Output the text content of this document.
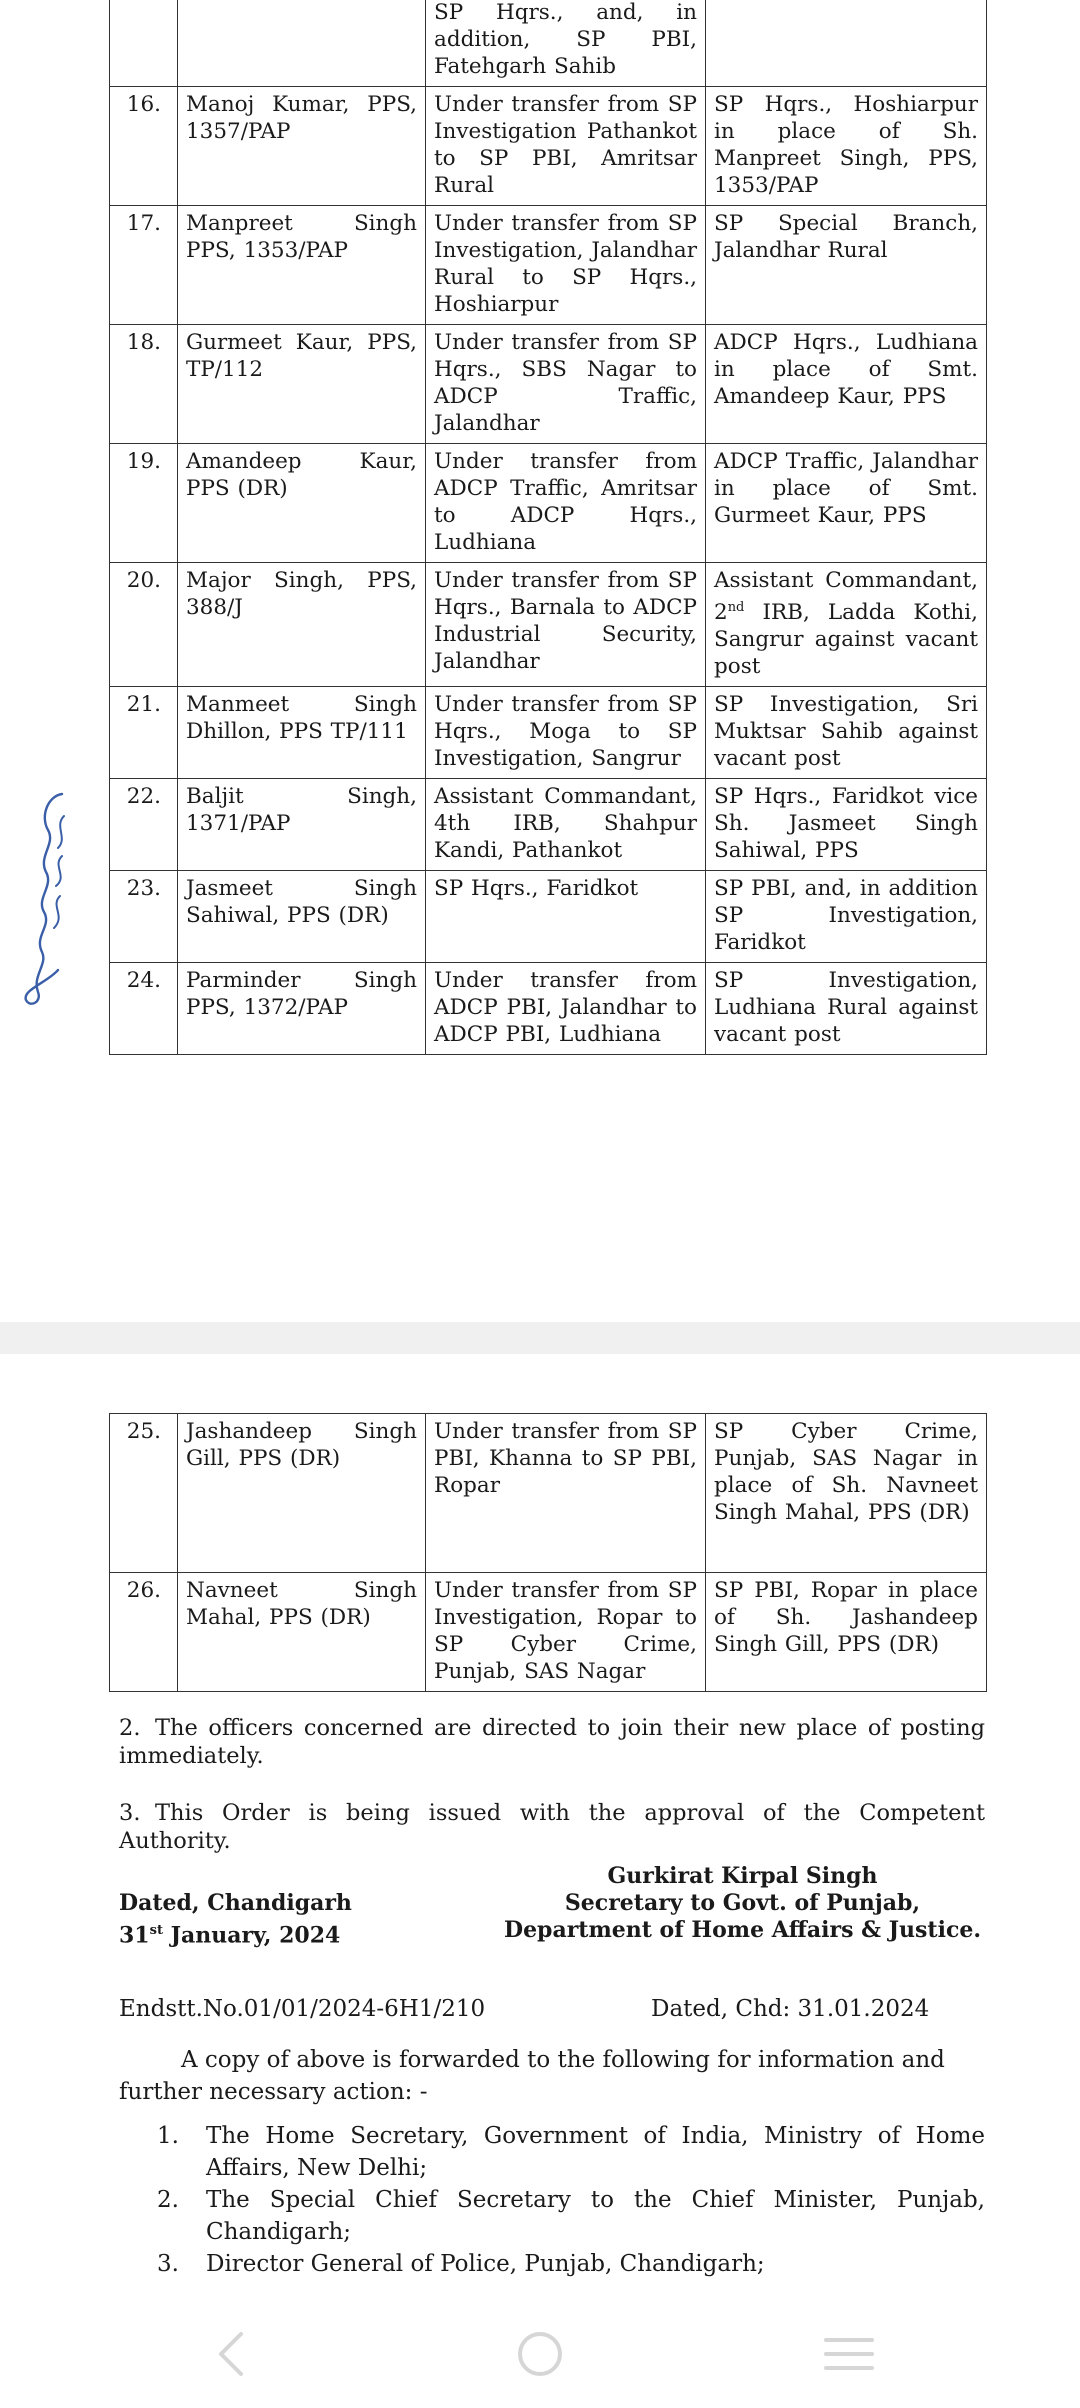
		SP Hqrs., and, in addition, SP PBI, Fatehgarh Sahib	
16.	Manoj Kumar, PPS, 1357/PAP	Under transfer from SP Investigation Pathankot to SP PBI, Amritsar Rural	SP Hqrs., Hoshiarpur in place of Sh. Manpreet Singh, PPS, 1353/PAP
17.	Manpreet Singh PPS, 1353/PAP	Under transfer from SP Investigation, Jalandhar Rural to SP Hqrs., Hoshiarpur	SP Special Branch, Jalandhar Rural
18.	Gurmeet Kaur, PPS, TP/112	Under transfer from SP Hqrs., SBS Nagar to ADCP Traffic, Jalandhar	ADCP Hqrs., Ludhiana in place of Smt. Amandeep Kaur, PPS
19.	Amandeep Kaur, PPS (DR)	Under transfer from ADCP Traffic, Amritsar to ADCP Hqrs., Ludhiana	ADCP Traffic, Jalandhar in place of Smt. Gurmeet Kaur, PPS
20.	Major Singh, PPS, 388/J	Under transfer from SP Hqrs., Barnala to ADCP Industrial Security, Jalandhar	Assistant Commandant, 2nd IRB, Ladda Kothi, Sangrur against vacant post
21.	Manmeet Singh Dhillon, PPS TP/111	Under transfer from SP Hqrs., Moga to SP Investigation, Sangrur	SP Investigation, Sri Muktsar Sahib against vacant post
22.	Baljit Singh, 1371/PAP	Assistant Commandant, 4th IRB, Shahpur Kandi, Pathankot	SP Hqrs., Faridkot vice Sh. Jasmeet Singh Sahiwal, PPS
23.	Jasmeet Singh Sahiwal, PPS (DR)	SP Hqrs., Faridkot	SP PBI, and, in addition SP Investigation, Faridkot
24.	Parminder Singh PPS, 1372/PAP	Under transfer from ADCP PBI, Jalandhar to ADCP PBI, Ludhiana	SP Investigation, Ludhiana Rural against vacant post
25.	Jashandeep Singh Gill, PPS (DR)	Under transfer from SP PBI, Khanna to SP PBI, Ropar	SP Cyber Crime, Punjab, SAS Nagar in place of Sh. Navneet Singh Mahal, PPS (DR)
26.	Navneet Singh Mahal, PPS (DR)	Under transfer from SP Investigation, Ropar to SP Cyber Crime, Punjab, SAS Nagar	SP PBI, Ropar in place of Sh. Jashandeep Singh Gill, PPS (DR)
2. The officers concerned are directed to join their new place of posting immediately.
3. This Order is being issued with the approval of the Competent Authority.
Dated, Chandigarh
31st January, 2024
Gurkirat Kirpal Singh
Secretary to Govt. of Punjab,
Department of Home Affairs & Justice.
Endstt.No.01/01/2024-6H1/210	Dated, Chd: 31.01.2024
A copy of above is forwarded to the following for information and further necessary action: -
1. The Home Secretary, Government of India, Ministry of Home Affairs, New Delhi;
2. The Special Chief Secretary to the Chief Minister, Punjab, Chandigarh;
3. Director General of Police, Punjab, Chandigarh;
